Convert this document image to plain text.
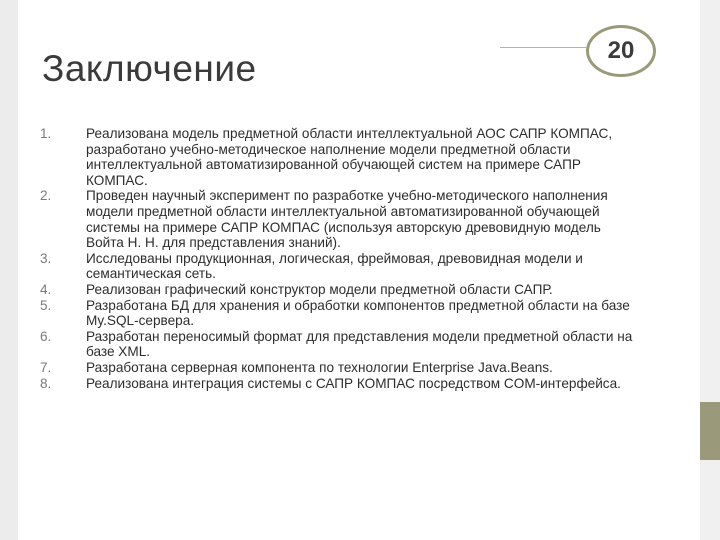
Заключение	20
1.	Реализована модель предметной области интеллектуальной АОС САПР КОМПАС, разработано учебно-методическое наполнение модели предметной области интеллектуальной автоматизированной обучающей систем на примере САПР КОМПАС.
2.	Проведен научный эксперимент по разработке учебно-методического наполнения модели предметной области интеллектуальной автоматизированной обучающей системы на примере САПР КОМПАС (используя авторскую древовидную модель Войта Н. Н. для представления знаний).
3.	Исследованы продукционная, логическая, фреймовая, древовидная модели и семантическая сеть.
4.	Реализован графический конструктор модели предметной области САПР.
5.	Разработана БД для хранения и обработки компонентов предметной области на базе My.SQL-сервера.
6.	Разработан переносимый формат для представления модели предметной области на базе XML.
7.	Разработана серверная компонента по технологии Enterprise Java.Beans.
8.	Реализована интеграция системы с САПР КОМПАС посредством COM-интерфейса.
